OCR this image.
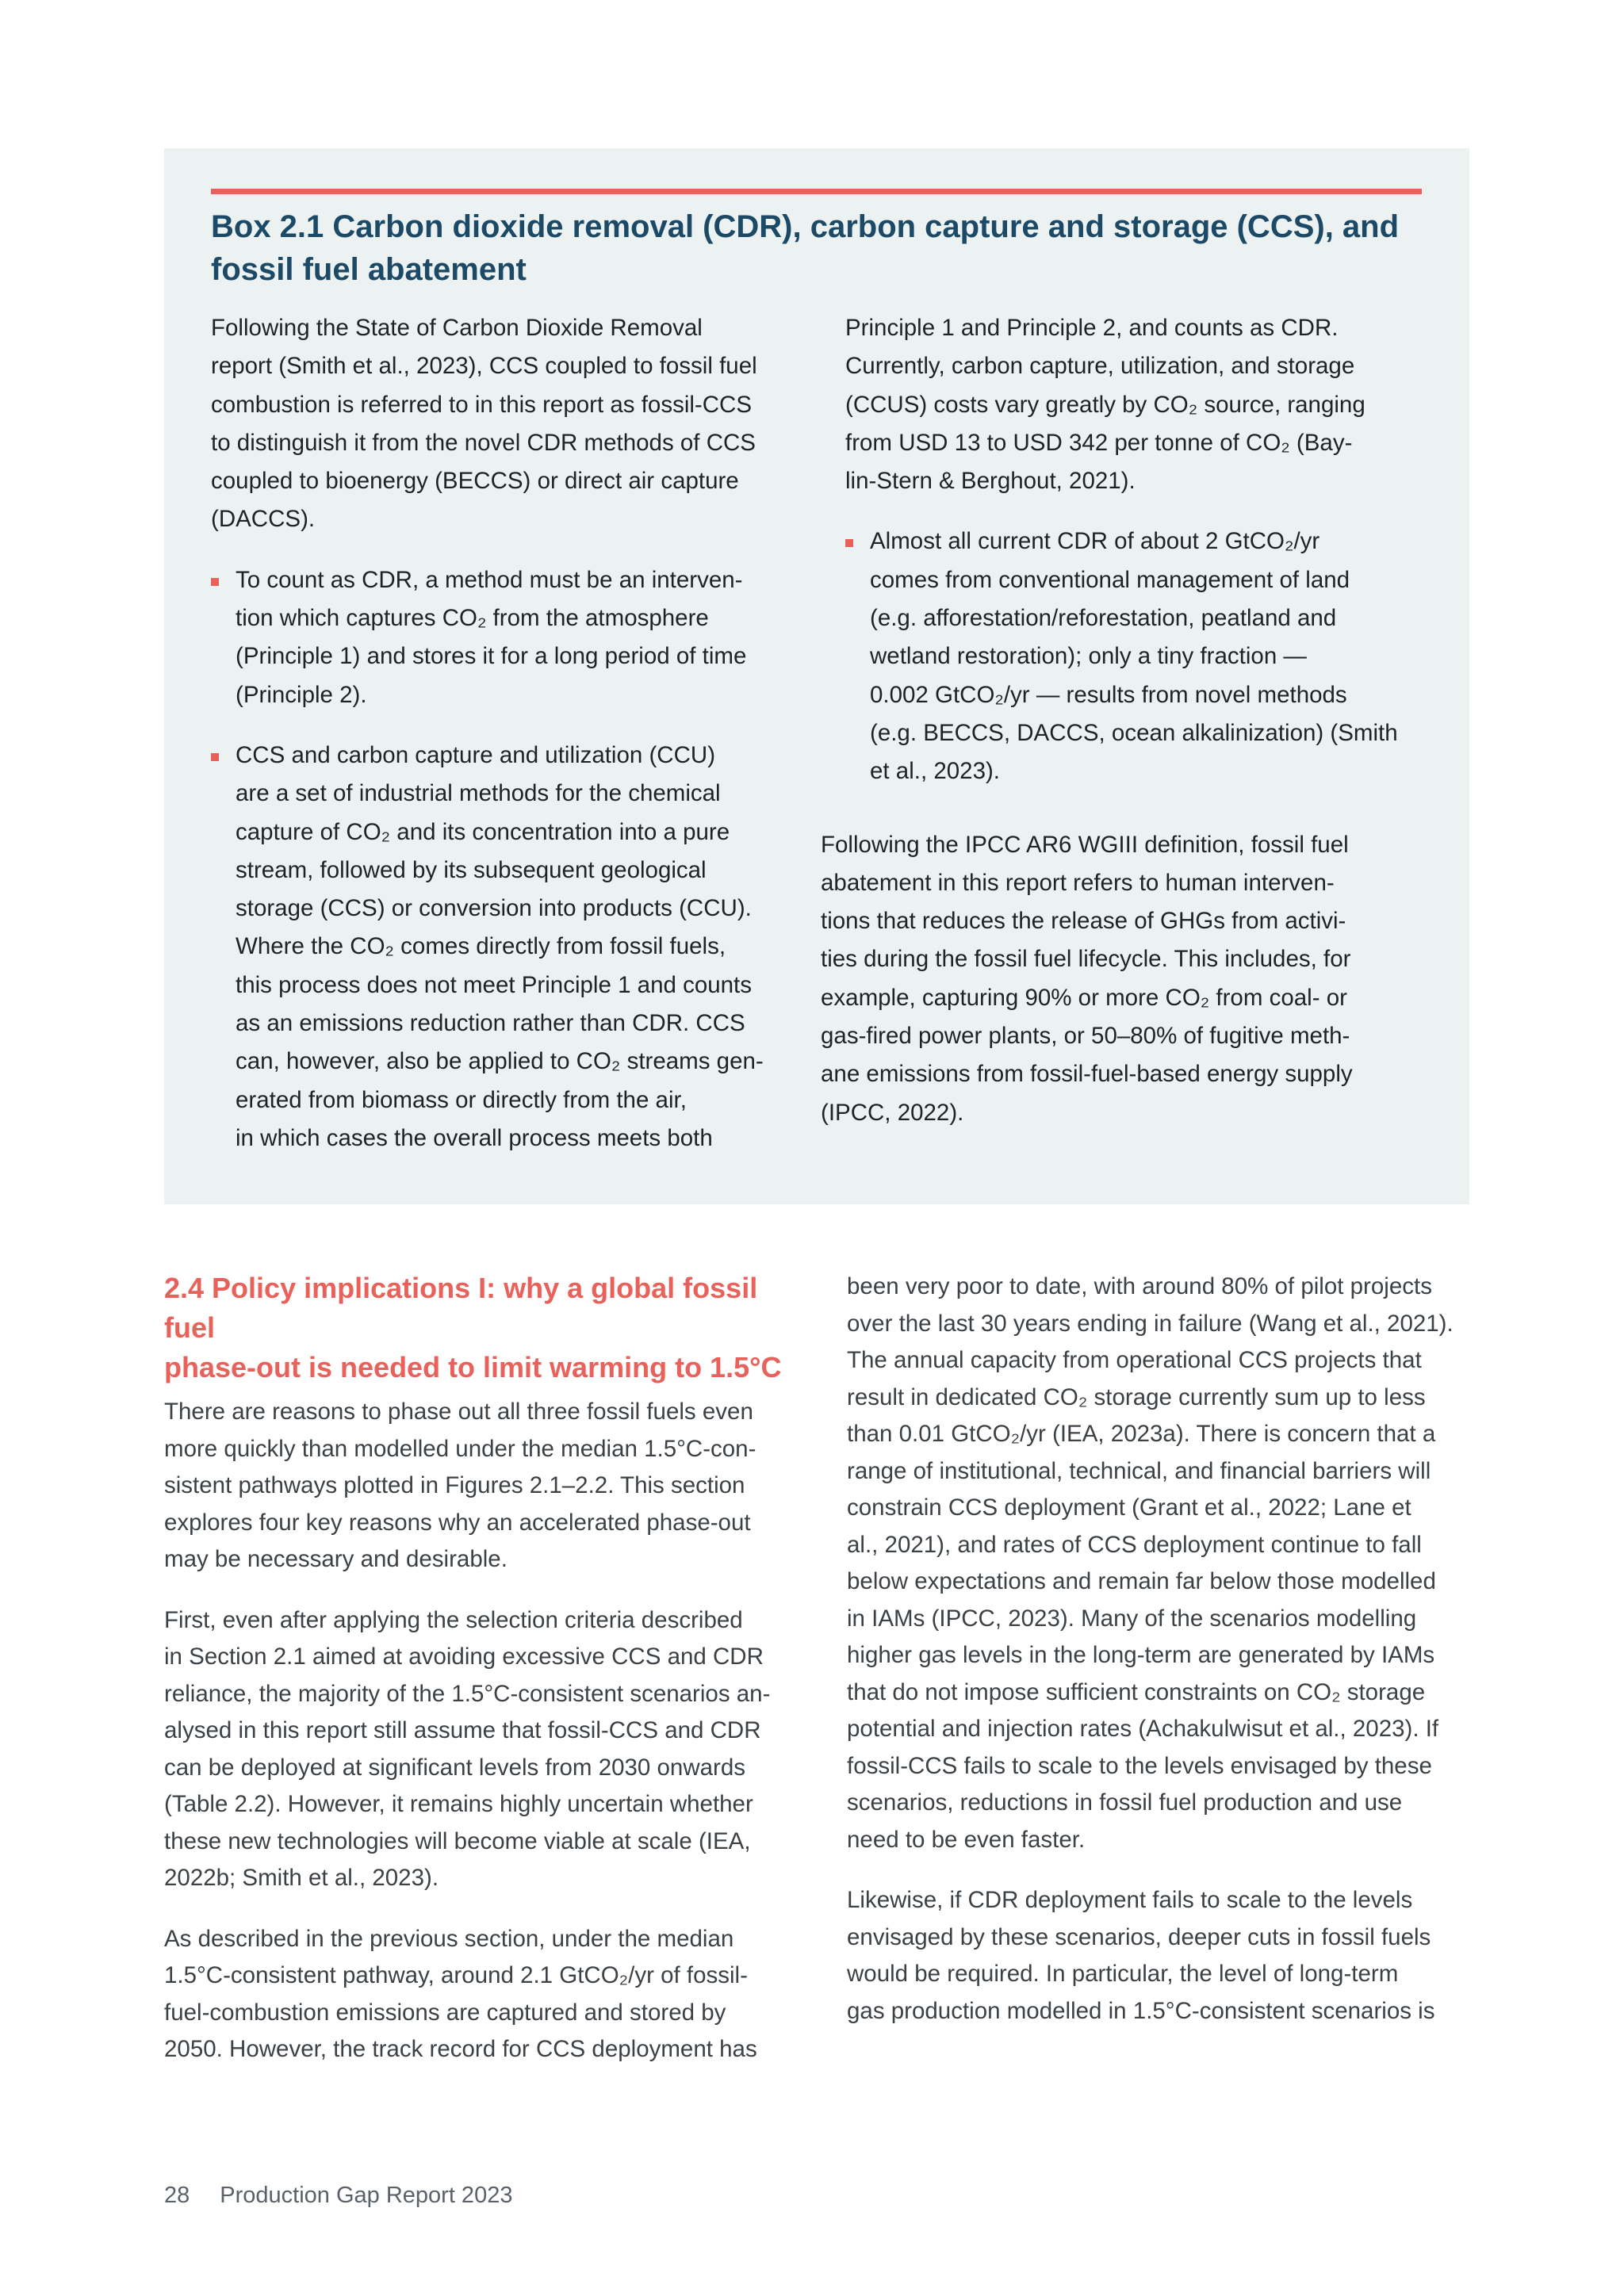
Box 2.1 Carbon dioxide removal (CDR), carbon capture and storage (CCS), and fossil fuel abatement

Following the State of Carbon Dioxide Removal
report (Smith et al., 2023), CCS coupled to fossil fuel
combustion is referred to in this report as fossil-CCS
to distinguish it from the novel CDR methods of CCS
coupled to bioenergy (BECCS) or direct air capture
(DACCS).

To count as CDR, a method must be an interven-
tion which captures CO₂ from the atmosphere
(Principle 1) and stores it for a long period of time
(Principle 2).

CCS and carbon capture and utilization (CCU)
are a set of industrial methods for the chemical
capture of CO₂ and its concentration into a pure
stream, followed by its subsequent geological
storage (CCS) or conversion into products (CCU).
Where the CO₂ comes directly from fossil fuels,
this process does not meet Principle 1 and counts
as an emissions reduction rather than CDR. CCS
can, however, also be applied to CO₂ streams gen-
erated from biomass or directly from the air,
in which cases the overall process meets both

Principle 1 and Principle 2, and counts as CDR.
Currently, carbon capture, utilization, and storage
(CCUS) costs vary greatly by CO₂ source, ranging
from USD 13 to USD 342 per tonne of CO₂ (Bay-
lin-Stern & Berghout, 2021).

Almost all current CDR of about 2 GtCO₂/yr
comes from conventional management of land
(e.g. afforestation/reforestation, peatland and
wetland restoration); only a tiny fraction —
0.002 GtCO₂/yr — results from novel methods
(e.g. BECCS, DACCS, ocean alkalinization) (Smith
et al., 2023).

Following the IPCC AR6 WGIII definition, fossil fuel
abatement in this report refers to human interven-
tions that reduces the release of GHGs from activi-
ties during the fossil fuel lifecycle. This includes, for
example, capturing 90% or more CO₂ from coal- or
gas-fired power plants, or 50–80% of fugitive meth-
ane emissions from fossil-fuel-based energy supply
(IPCC, 2022).

2.4 Policy implications I: why a global fossil fuel
phase-out is needed to limit warming to 1.5°C

There are reasons to phase out all three fossil fuels even
more quickly than modelled under the median 1.5°C-con-
sistent pathways plotted in Figures 2.1–2.2. This section
explores four key reasons why an accelerated phase-out
may be necessary and desirable.

First, even after applying the selection criteria described
in Section 2.1 aimed at avoiding excessive CCS and CDR
reliance, the majority of the 1.5°C-consistent scenarios an-
alysed in this report still assume that fossil-CCS and CDR
can be deployed at significant levels from 2030 onwards
(Table 2.2). However, it remains highly uncertain whether
these new technologies will become viable at scale (IEA,
2022b; Smith et al., 2023).

As described in the previous section, under the median
1.5°C-consistent pathway, around 2.1 GtCO₂/yr of fossil-
fuel-combustion emissions are captured and stored by
2050. However, the track record for CCS deployment has

been very poor to date, with around 80% of pilot projects
over the last 30 years ending in failure (Wang et al., 2021).
The annual capacity from operational CCS projects that
result in dedicated CO₂ storage currently sum up to less
than 0.01 GtCO₂/yr (IEA, 2023a). There is concern that a
range of institutional, technical, and financial barriers will
constrain CCS deployment (Grant et al., 2022; Lane et
al., 2021), and rates of CCS deployment continue to fall
below expectations and remain far below those modelled
in IAMs (IPCC, 2023). Many of the scenarios modelling
higher gas levels in the long-term are generated by IAMs
that do not impose sufficient constraints on CO₂ storage
potential and injection rates (Achakulwisut et al., 2023). If
fossil-CCS fails to scale to the levels envisaged by these
scenarios, reductions in fossil fuel production and use
need to be even faster.

Likewise, if CDR deployment fails to scale to the levels
envisaged by these scenarios, deeper cuts in fossil fuels
would be required. In particular, the level of long-term
gas production modelled in 1.5°C-consistent scenarios is

28 Production Gap Report 2023
